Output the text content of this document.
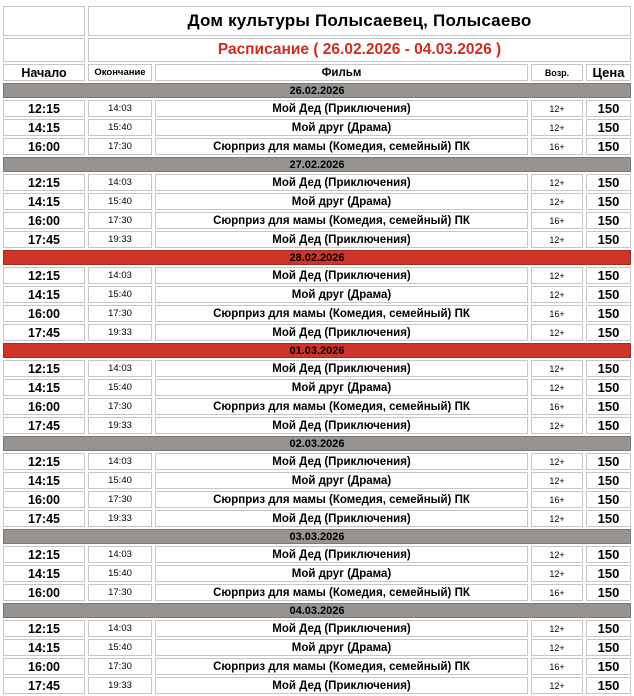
	Дом культуры Полысаевец, Полысаево			
	Расписание ( 26.02.2026 - 04.03.2026 )			
Начало	Окончание	Фильм	Возр.	Цена
26.02.2026				
12:15	14:03	Мой Дед (Приключения)	12+	150
14:15	15:40	Мой друг (Драма)	12+	150
16:00	17:30	Сюрприз для мамы (Комедия, семейный) ПК	16+	150
27.02.2026				
12:15	14:03	Мой Дед (Приключения)	12+	150
14:15	15:40	Мой друг (Драма)	12+	150
16:00	17:30	Сюрприз для мамы (Комедия, семейный) ПК	16+	150
17:45	19:33	Мой Дед (Приключения)	12+	150
28.02.2026				
12:15	14:03	Мой Дед (Приключения)	12+	150
14:15	15:40	Мой друг (Драма)	12+	150
16:00	17:30	Сюрприз для мамы (Комедия, семейный) ПК	16+	150
17:45	19:33	Мой Дед (Приключения)	12+	150
01.03.2026				
12:15	14:03	Мой Дед (Приключения)	12+	150
14:15	15:40	Мой друг (Драма)	12+	150
16:00	17:30	Сюрприз для мамы (Комедия, семейный) ПК	16+	150
17:45	19:33	Мой Дед (Приключения)	12+	150
02.03.2026				
12:15	14:03	Мой Дед (Приключения)	12+	150
14:15	15:40	Мой друг (Драма)	12+	150
16:00	17:30	Сюрприз для мамы (Комедия, семейный) ПК	16+	150
17:45	19:33	Мой Дед (Приключения)	12+	150
03.03.2026				
12:15	14:03	Мой Дед (Приключения)	12+	150
14:15	15:40	Мой друг (Драма)	12+	150
16:00	17:30	Сюрприз для мамы (Комедия, семейный) ПК	16+	150
04.03.2026				
12:15	14:03	Мой Дед (Приключения)	12+	150
14:15	15:40	Мой друг (Драма)	12+	150
16:00	17:30	Сюрприз для мамы (Комедия, семейный) ПК	16+	150
17:45	19:33	Мой Дед (Приключения)	12+	150
